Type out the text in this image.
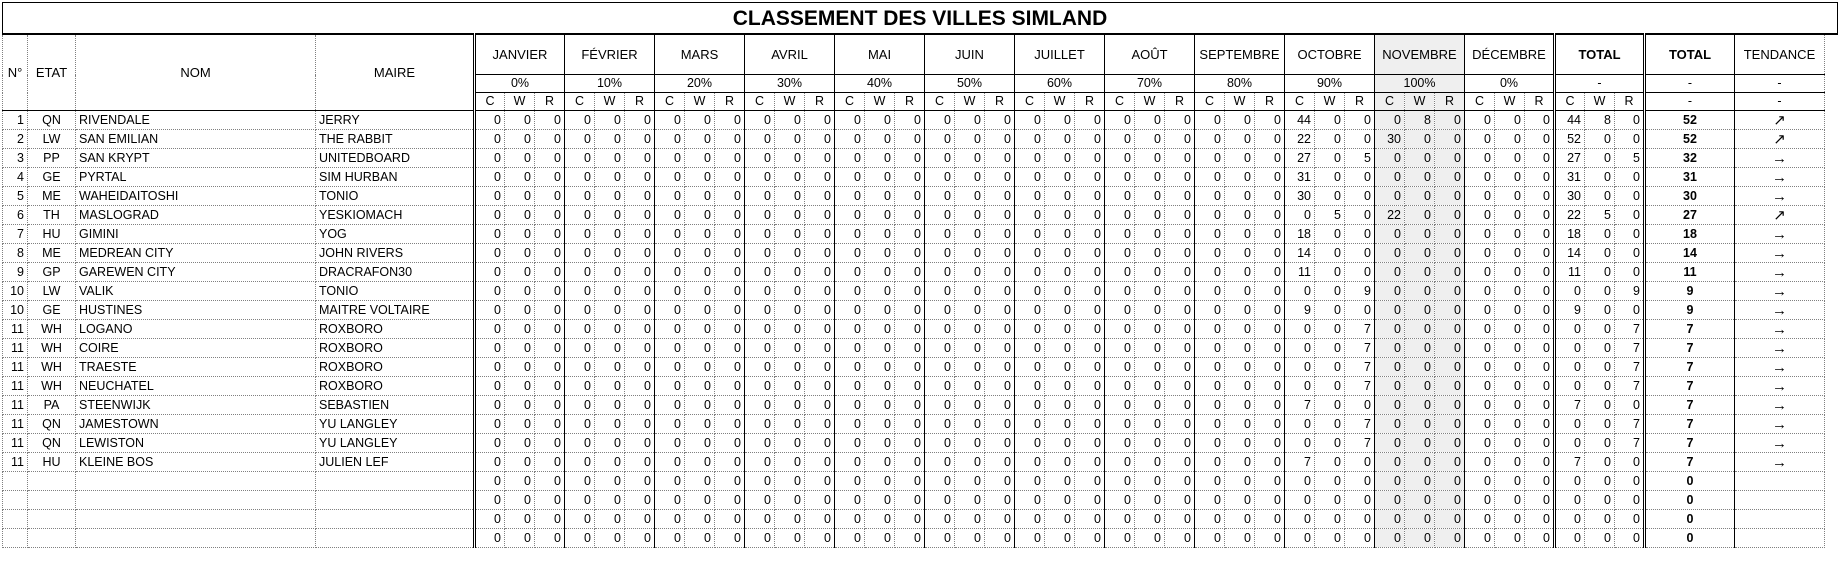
CLASSEMENT DES VILLES SIMLAND																																												
N°	ETAT	NOM	MAIRE	JANVIER			FÉVRIER			MARS			AVRIL			MAI			JUIN			JUILLET			AOÛT			SEPTEMBRE			OCTOBRE			NOVEMBRE			DÉCEMBRE			TOTAL			TOTAL	TENDANCE
				0%			10%			20%			30%			40%			50%			60%			70%			80%			90%			100%			0%			-			-	-
				C	W	R	C	W	R	C	W	R	C	W	R	C	W	R	C	W	R	C	W	R	C	W	R	C	W	R	C	W	R	C	W	R	C	W	R	C	W	R	-	-
1	QN	RIVENDALE	JERRY	0	0	0	0	0	0	0	0	0	0	0	0	0	0	0	0	0	0	0	0	0	0	0	0	0	0	0	44	0	0	0	8	0	0	0	0	44	8	0	52	↗
2	LW	SAN EMILIAN	THE RABBIT	0	0	0	0	0	0	0	0	0	0	0	0	0	0	0	0	0	0	0	0	0	0	0	0	0	0	0	22	0	0	30	0	0	0	0	0	52	0	0	52	↗
3	PP	SAN KRYPT	UNITEDBOARD	0	0	0	0	0	0	0	0	0	0	0	0	0	0	0	0	0	0	0	0	0	0	0	0	0	0	0	27	0	5	0	0	0	0	0	0	27	0	5	32	→
4	GE	PYRTAL	SIM HURBAN	0	0	0	0	0	0	0	0	0	0	0	0	0	0	0	0	0	0	0	0	0	0	0	0	0	0	0	31	0	0	0	0	0	0	0	0	31	0	0	31	→
5	ME	WAHEIDAITOSHI	TONIO	0	0	0	0	0	0	0	0	0	0	0	0	0	0	0	0	0	0	0	0	0	0	0	0	0	0	0	30	0	0	0	0	0	0	0	0	30	0	0	30	→
6	TH	MASLOGRAD	YESKIOMACH	0	0	0	0	0	0	0	0	0	0	0	0	0	0	0	0	0	0	0	0	0	0	0	0	0	0	0	0	5	0	22	0	0	0	0	0	22	5	0	27	↗
7	HU	GIMINI	YOG	0	0	0	0	0	0	0	0	0	0	0	0	0	0	0	0	0	0	0	0	0	0	0	0	0	0	0	18	0	0	0	0	0	0	0	0	18	0	0	18	→
8	ME	MEDREAN CITY	JOHN RIVERS	0	0	0	0	0	0	0	0	0	0	0	0	0	0	0	0	0	0	0	0	0	0	0	0	0	0	0	14	0	0	0	0	0	0	0	0	14	0	0	14	→
9	GP	GAREWEN CITY	DRACRAFON30	0	0	0	0	0	0	0	0	0	0	0	0	0	0	0	0	0	0	0	0	0	0	0	0	0	0	0	11	0	0	0	0	0	0	0	0	11	0	0	11	→
10	LW	VALIK	TONIO	0	0	0	0	0	0	0	0	0	0	0	0	0	0	0	0	0	0	0	0	0	0	0	0	0	0	0	0	0	9	0	0	0	0	0	0	0	0	9	9	→
10	GE	HUSTINES	MAITRE VOLTAIRE	0	0	0	0	0	0	0	0	0	0	0	0	0	0	0	0	0	0	0	0	0	0	0	0	0	0	0	9	0	0	0	0	0	0	0	0	9	0	0	9	→
11	WH	LOGANO	ROXBORO	0	0	0	0	0	0	0	0	0	0	0	0	0	0	0	0	0	0	0	0	0	0	0	0	0	0	0	0	0	7	0	0	0	0	0	0	0	0	7	7	→
11	WH	COIRE	ROXBORO	0	0	0	0	0	0	0	0	0	0	0	0	0	0	0	0	0	0	0	0	0	0	0	0	0	0	0	0	0	7	0	0	0	0	0	0	0	0	7	7	→
11	WH	TRAESTE	ROXBORO	0	0	0	0	0	0	0	0	0	0	0	0	0	0	0	0	0	0	0	0	0	0	0	0	0	0	0	0	0	7	0	0	0	0	0	0	0	0	7	7	→
11	WH	NEUCHATEL	ROXBORO	0	0	0	0	0	0	0	0	0	0	0	0	0	0	0	0	0	0	0	0	0	0	0	0	0	0	0	0	0	7	0	0	0	0	0	0	0	0	7	7	→
11	PA	STEENWIJK	SEBASTIEN	0	0	0	0	0	0	0	0	0	0	0	0	0	0	0	0	0	0	0	0	0	0	0	0	0	0	0	7	0	0	0	0	0	0	0	0	7	0	0	7	→
11	QN	JAMESTOWN	YU LANGLEY	0	0	0	0	0	0	0	0	0	0	0	0	0	0	0	0	0	0	0	0	0	0	0	0	0	0	0	0	0	7	0	0	0	0	0	0	0	0	7	7	→
11	QN	LEWISTON	YU LANGLEY	0	0	0	0	0	0	0	0	0	0	0	0	0	0	0	0	0	0	0	0	0	0	0	0	0	0	0	0	0	7	0	0	0	0	0	0	0	0	7	7	→
11	HU	KLEINE BOS	JULIEN LEF	0	0	0	0	0	0	0	0	0	0	0	0	0	0	0	0	0	0	0	0	0	0	0	0	0	0	0	7	0	0	0	0	0	0	0	0	7	0	0	7	→
				0	0	0	0	0	0	0	0	0	0	0	0	0	0	0	0	0	0	0	0	0	0	0	0	0	0	0	0	0	0	0	0	0	0	0	0	0	0	0	0	
				0	0	0	0	0	0	0	0	0	0	0	0	0	0	0	0	0	0	0	0	0	0	0	0	0	0	0	0	0	0	0	0	0	0	0	0	0	0	0	0	
				0	0	0	0	0	0	0	0	0	0	0	0	0	0	0	0	0	0	0	0	0	0	0	0	0	0	0	0	0	0	0	0	0	0	0	0	0	0	0	0	
				0	0	0	0	0	0	0	0	0	0	0	0	0	0	0	0	0	0	0	0	0	0	0	0	0	0	0	0	0	0	0	0	0	0	0	0	0	0	0	0	
